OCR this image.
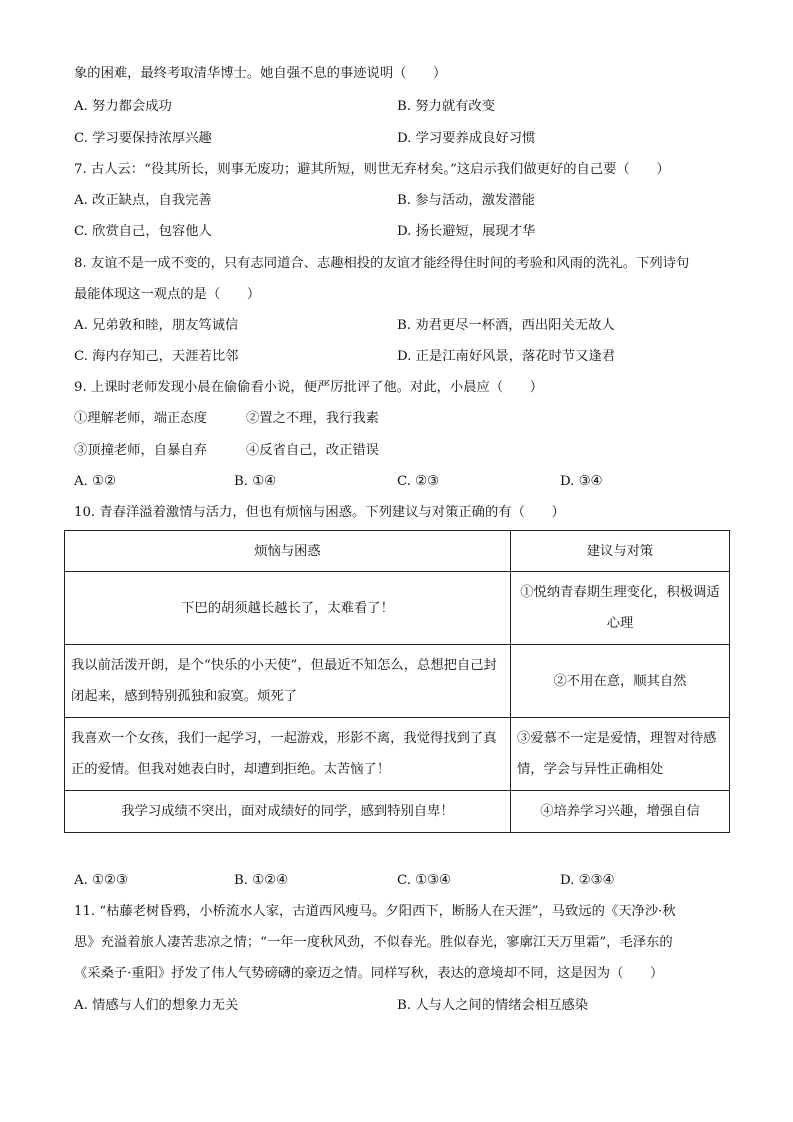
象的困难，最终考取清华博士。她自强不息的事迹说明（　　）
A. 努力都会成功	B. 努力就有改变
C. 学习要保持浓厚兴趣	D. 学习要养成良好习惯
7. 古人云：“役其所长，则事无废功；避其所短，则世无弃材矣。”这启示我们做更好的自己要（　　）
A. 改正缺点，自我完善	B. 参与活动，激发潜能
C. 欣赏自己，包容他人	D. 扬长避短，展现才华
8. 友谊不是一成不变的，只有志同道合、志趣相投的友谊才能经得住时间的考验和风雨的洗礼。下列诗句
最能体现这一观点的是（　　）
A. 兄弟敦和睦，朋友笃诚信	B. 劝君更尽一杯酒，西出阳关无故人
C. 海内存知己，天涯若比邻	D. 正是江南好风景，落花时节又逢君
9. 上课时老师发现小晨在偷偷看小说，便严厉批评了他。对此，小晨应（　　）
①理解老师，端正态度	②置之不理，我行我素
③顶撞老师，自暴自弃	④反省自己，改正错误
A. ①②	B. ①④	C. ②③	D. ③④
10. 青春洋溢着激情与活力，但也有烦恼与困惑。下列建议与对策正确的有（　　）
烦恼与困惑	建议与对策
下巴的胡须越长越长了，太难看了！	①悦纳青春期生理变化，积极调适心理
我以前活泼开朗，是个“快乐的小天使”，但最近不知怎么，总想把自己封闭起来，感到特别孤独和寂寞。烦死了	②不用在意，顺其自然
我喜欢一个女孩，我们一起学习，一起游戏，形影不离，我觉得找到了真正的爱情。但我对她表白时，却遭到拒绝。太苦恼了！	③爱慕不一定是爱情，理智对待感情，学会与异性正确相处
我学习成绩不突出，面对成绩好的同学，感到特别自卑！	④培养学习兴趣，增强自信
A. ①②③	B. ①②④	C. ①③④	D. ②③④
11. “枯藤老树昏鸦，小桥流水人家，古道西风瘦马。夕阳西下，断肠人在天涯”，马致远的《天净沙·秋
思》充溢着旅人凄苦悲凉之情；“一年一度秋风劲，不似春光。胜似春光，寥廓江天万里霜”，毛泽东的
《采桑子·重阳》抒发了伟人气势磅礴的豪迈之情。同样写秋，表达的意境却不同，这是因为（　　）
A. 情感与人们的想象力无关	B. 人与人之间的情绪会相互感染
